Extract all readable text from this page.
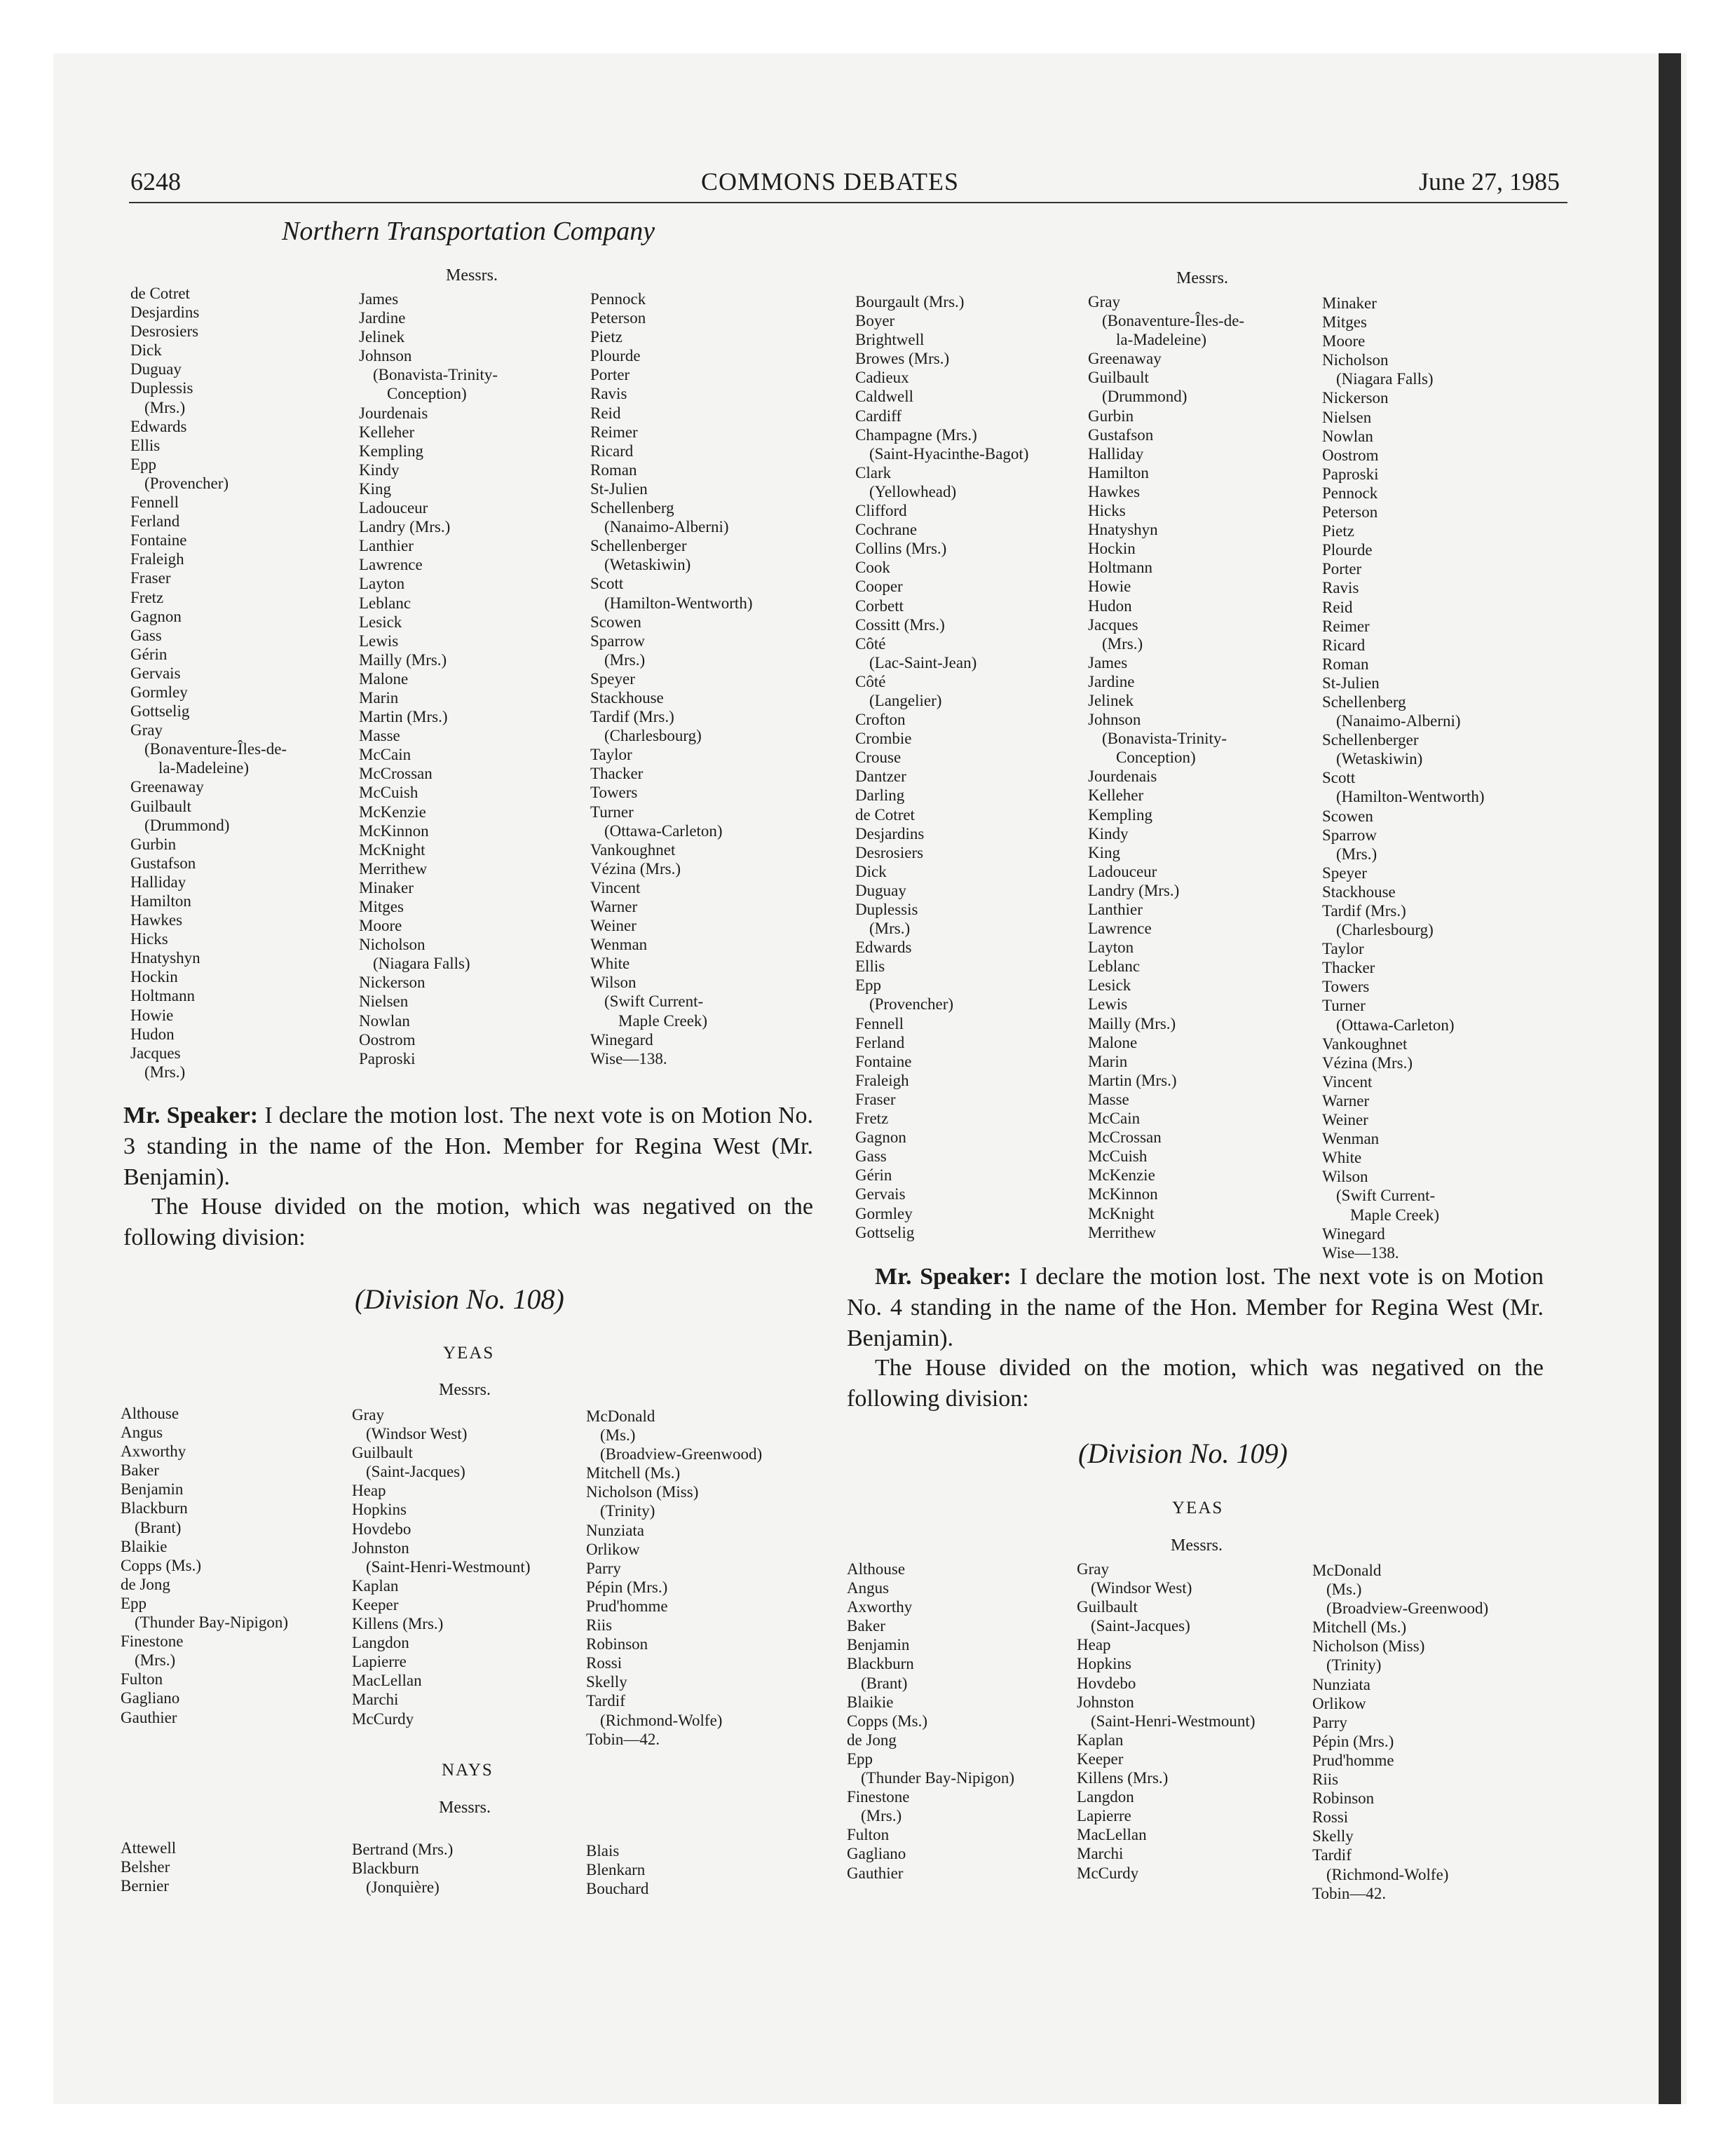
6248	COMMONS DEBATES	June 27, 1985
Northern Transportation Company
Messrs.
de Cotret
Desjardins
Desrosiers
Dick
Duguay
Duplessis
(Mrs.)
Edwards
Ellis
Epp
(Provencher)
Fennell
Ferland
Fontaine
Fraleigh
Fraser
Fretz
Gagnon
Gass
Gérin
Gervais
Gormley
Gottselig
Gray
(Bonaventure-Îles-de-
la-Madeleine)
Greenaway
Guilbault
(Drummond)
Gurbin
Gustafson
Halliday
Hamilton
Hawkes
Hicks
Hnatyshyn
Hockin
Holtmann
Howie
Hudon
Jacques
(Mrs.)
James
Jardine
Jelinek
Johnson
(Bonavista-Trinity-
Conception)
Jourdenais
Kelleher
Kempling
Kindy
King
Ladouceur
Landry (Mrs.)
Lanthier
Lawrence
Layton
Leblanc
Lesick
Lewis
Mailly (Mrs.)
Malone
Marin
Martin (Mrs.)
Masse
McCain
McCrossan
McCuish
McKenzie
McKinnon
McKnight
Merrithew
Minaker
Mitges
Moore
Nicholson
(Niagara Falls)
Nickerson
Nielsen
Nowlan
Oostrom
Paproski
Pennock
Peterson
Pietz
Plourde
Porter
Ravis
Reid
Reimer
Ricard
Roman
St-Julien
Schellenberg
(Nanaimo-Alberni)
Schellenberger
(Wetaskiwin)
Scott
(Hamilton-Wentworth)
Scowen
Sparrow
(Mrs.)
Speyer
Stackhouse
Tardif (Mrs.)
(Charlesbourg)
Taylor
Thacker
Towers
Turner
(Ottawa-Carleton)
Vankoughnet
Vézina (Mrs.)
Vincent
Warner
Weiner
Wenman
White
Wilson
(Swift Current-
Maple Creek)
Winegard
Wise—138.

Mr. Speaker: I declare the motion lost. The next vote is on Motion No. 3 standing in the name of the Hon. Member for Regina West (Mr. Benjamin).

The House divided on the motion, which was negatived on the following division:

(Division No. 108)
YEAS
Messrs.
Althouse
Angus
Axworthy
Baker
Benjamin
Blackburn
(Brant)
Blaikie
Copps (Ms.)
de Jong
Epp
(Thunder Bay-Nipigon)
Finestone
(Mrs.)
Fulton
Gagliano
Gauthier
Gray
(Windsor West)
Guilbault
(Saint-Jacques)
Heap
Hopkins
Hovdebo
Johnston
(Saint-Henri-Westmount)
Kaplan
Keeper
Killens (Mrs.)
Langdon
Lapierre
MacLellan
Marchi
McCurdy
McDonald
(Ms.)
(Broadview-Greenwood)
Mitchell (Ms.)
Nicholson (Miss)
(Trinity)
Nunziata
Orlikow
Parry
Pépin (Mrs.)
Prud'homme
Riis
Robinson
Rossi
Skelly
Tardif
(Richmond-Wolfe)
Tobin—42.
NAYS
Messrs.
Attewell
Belsher
Bernier
Bertrand (Mrs.)
Blackburn
(Jonquière)
Blais
Blenkarn
Bouchard
Messrs.
Bourgault (Mrs.)
Boyer
Brightwell
Browes (Mrs.)
Cadieux
Caldwell
Cardiff
Champagne (Mrs.)
(Saint-Hyacinthe-Bagot)
Clark
(Yellowhead)
Clifford
Cochrane
Collins (Mrs.)
Cook
Cooper
Corbett
Cossitt (Mrs.)
Côté
(Lac-Saint-Jean)
Côté
(Langelier)
Crofton
Crombie
Crouse
Dantzer
Darling
de Cotret
Desjardins
Desrosiers
Dick
Duguay
Duplessis
(Mrs.)
Edwards
Ellis
Epp
(Provencher)
Fennell
Ferland
Fontaine
Fraleigh
Fraser
Fretz
Gagnon
Gass
Gérin
Gervais
Gormley
Gottselig
Gray
(Bonaventure-Îles-de-
la-Madeleine)
Greenaway
Guilbault
(Drummond)
Gurbin
Gustafson
Halliday
Hamilton
Hawkes
Hicks
Hnatyshyn
Hockin
Holtmann
Howie
Hudon
Jacques
(Mrs.)
James
Jardine
Jelinek
Johnson
(Bonavista-Trinity-
Conception)
Jourdenais
Kelleher
Kempling
Kindy
King
Ladouceur
Landry (Mrs.)
Lanthier
Lawrence
Layton
Leblanc
Lesick
Lewis
Mailly (Mrs.)
Malone
Marin
Martin (Mrs.)
Masse
McCain
McCrossan
McCuish
McKenzie
McKinnon
McKnight
Merrithew
Minaker
Mitges
Moore
Nicholson
(Niagara Falls)
Nickerson
Nielsen
Nowlan
Oostrom
Paproski
Pennock
Peterson
Pietz
Plourde
Porter
Ravis
Reid
Reimer
Ricard
Roman
St-Julien
Schellenberg
(Nanaimo-Alberni)
Schellenberger
(Wetaskiwin)
Scott
(Hamilton-Wentworth)
Scowen
Sparrow
(Mrs.)
Speyer
Stackhouse
Tardif (Mrs.)
(Charlesbourg)
Taylor
Thacker
Towers
Turner
(Ottawa-Carleton)
Vankoughnet
Vézina (Mrs.)
Vincent
Warner
Weiner
Wenman
White
Wilson
(Swift Current-
Maple Creek)
Winegard
Wise—138.

Mr. Speaker: I declare the motion lost. The next vote is on Motion No. 4 standing in the name of the Hon. Member for Regina West (Mr. Benjamin).

The House divided on the motion, which was negatived on the following division:

(Division No. 109)
YEAS
Messrs.
Althouse
Angus
Axworthy
Baker
Benjamin
Blackburn
(Brant)
Blaikie
Copps (Ms.)
de Jong
Epp
(Thunder Bay-Nipigon)
Finestone
(Mrs.)
Fulton
Gagliano
Gauthier
Gray
(Windsor West)
Guilbault
(Saint-Jacques)
Heap
Hopkins
Hovdebo
Johnston
(Saint-Henri-Westmount)
Kaplan
Keeper
Killens (Mrs.)
Langdon
Lapierre
MacLellan
Marchi
McCurdy
McDonald
(Ms.)
(Broadview-Greenwood)
Mitchell (Ms.)
Nicholson (Miss)
(Trinity)
Nunziata
Orlikow
Parry
Pépin (Mrs.)
Prud'homme
Riis
Robinson
Rossi
Skelly
Tardif
(Richmond-Wolfe)
Tobin—42.
